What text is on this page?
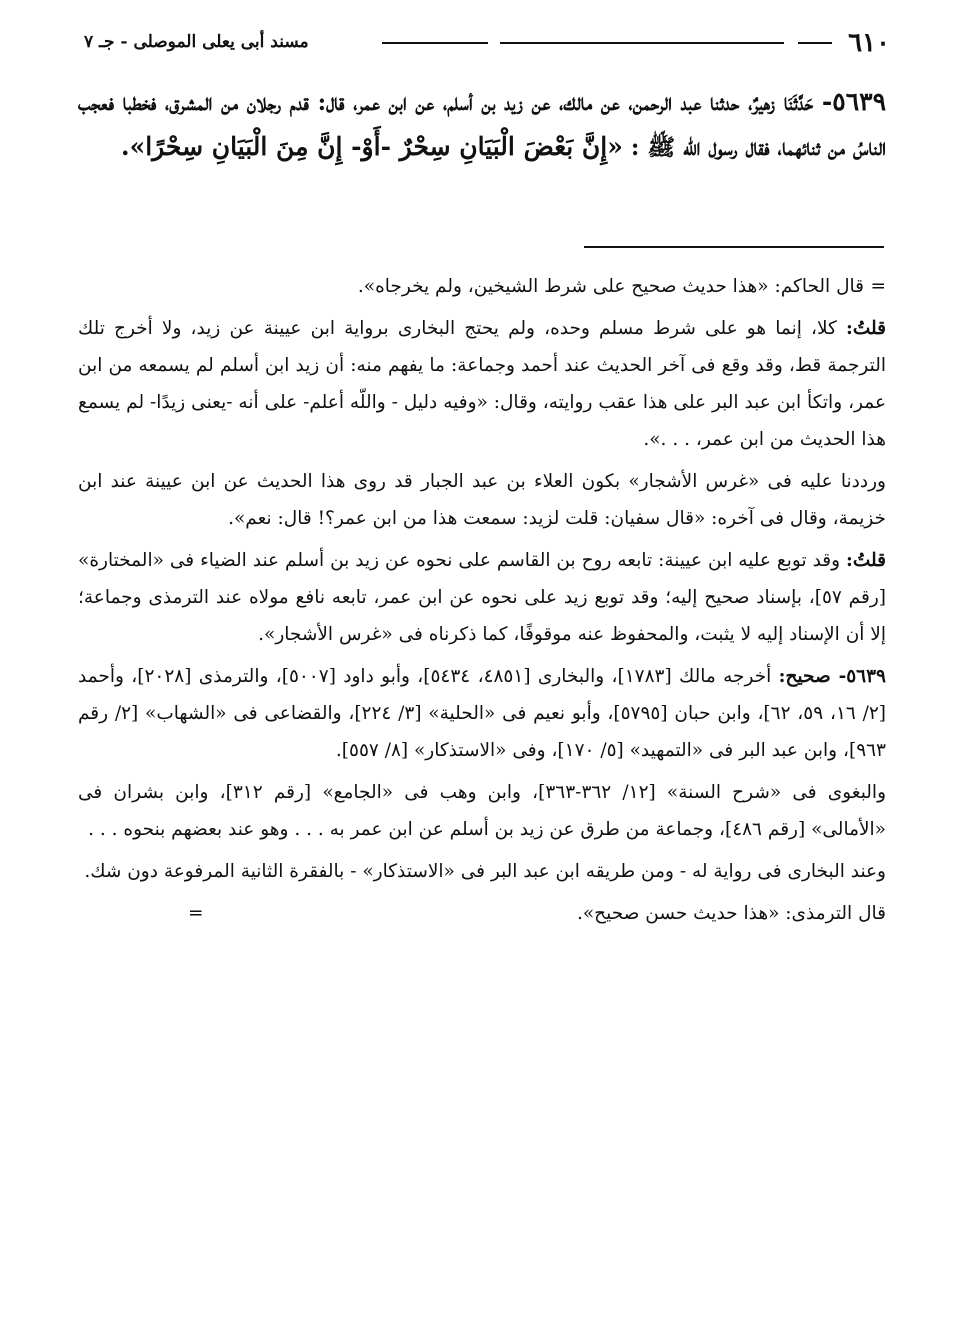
٦١٠
مسند أبى يعلى الموصلى - جـ ٧
٥٦٣٩- حَدَّثَنَا زهيرٌ، حدثنا عبد الرحمن، عن مالك، عن زيد بن أسلم، عن ابن عمر، قال: قدم رجلان من المشرق، فخطبا فعجب الناسُ من ثنائهما، فقال رسول اللّه ﷺ : «إِنَّ بَعْضَ الْبَيَانِ سِحْرٌ -أَوْ- إِنَّ مِنَ الْبَيَانِ سِحْرًا».

=
قال الحاكم: «هذا حديث صحيح على شرط الشيخين، ولم يخرجاه».

قلتُ: كلا، إنما هو على شرط مسلم وحده، ولم يحتج البخارى برواية ابن عيينة عن زيد، ولا أخرج تلك الترجمة قط، وقد وقع فى آخر الحديث عند أحمد وجماعة: ما يفهم منه: أن زيد ابن أسلم لم يسمعه من ابن عمر، واتكأ ابن عبد البر على هذا عقب روايته، وقال: «وفيه دليل - واللّه أعلم- على أنه -يعنى زيدًا- لم يسمع هذا الحديث من ابن عمر، . . .».

ورددنا عليه فى «غرس الأشجار» بكون العلاء بن عبد الجبار قد روى هذا الحديث عن ابن عيينة عند ابن خزيمة، وقال فى آخره: «قال سفيان: قلت لزيد: سمعت هذا من ابن عمر؟! قال: نعم».

قلتُ: وقد توبع عليه ابن عيينة: تابعه روح بن القاسم على نحوه عن زيد بن أسلم عند الضياء فى «المختارة» [رقم ٥٧]، بإسناد صحيح إليه؛ وقد توبع زيد على نحوه عن ابن عمر، تابعه نافع مولاه عند الترمذى وجماعة؛ إلا أن الإسناد إليه لا يثبت، والمحفوظ عنه موقوفًا، كما ذكرناه فى «غرس الأشجار».

٥٦٣٩- صحيح: أخرجه مالك [١٧٨٣]، والبخارى [٤٨٥١، ٥٤٣٤]، وأبو داود [٥٠٠٧]، والترمذى [٢٠٢٨]، وأحمد [٢/ ١٦، ٥٩، ٦٢]، وابن حبان [٥٧٩٥]، وأبو نعيم فى «الحلية» [٣/ ٢٢٤]، والقضاعى فى «الشهاب» [٢/ رقم ٩٦٣]، وابن عبد البر فى «التمهيد» [٥/ ١٧٠]، وفى «الاستذكار» [٨/ ٥٥٧].

والبغوى فى «شرح السنة» [١٢/ ٣٦٢-٣٦٣]، وابن وهب فى «الجامع» [رقم ٣١٢]، وابن بشران فى «الأمالى» [رقم ٤٨٦]، وجماعة من طرق عن زيد بن أسلم عن ابن عمر به . . . وهو عند بعضهم بنحوه . . .

وعند البخارى فى رواية له - ومن طريقه ابن عبد البر فى «الاستذكار» - بالفقرة الثانية المرفوعة دون شك.

قال الترمذى: «هذا حديث حسن صحيح».
=
